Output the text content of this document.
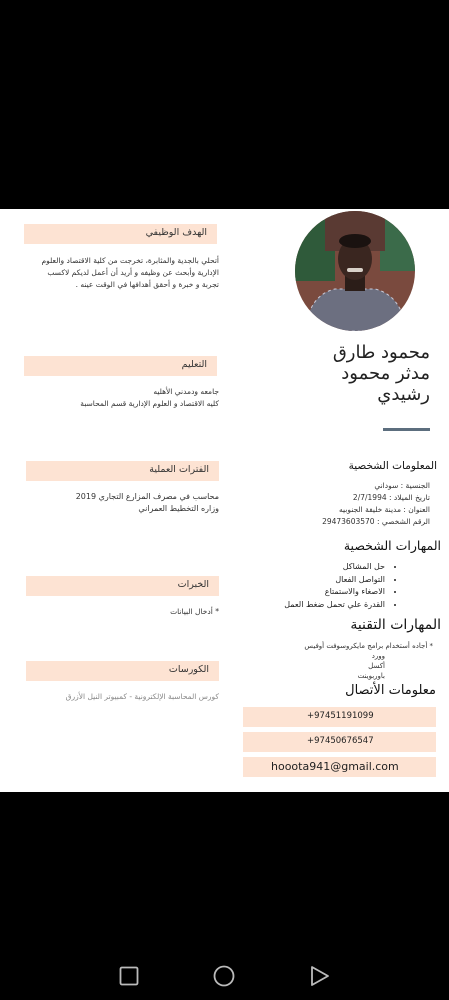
الهدف الوظيفي
أتحلي بالجدية والمثابرة، تخرجت من كلية الاقتصاد والعلوم
الإدارية وأبحث عن وظيفه و أريد أن أعمل لديكم لاكسب
تجربة و خبرة و أحقق أهدافها في الوقت عينه .
التعليم
جامعه ودمدني الأهليه
كليه الاقتصاد و العلوم الإدارية قسم المحاسبة
الفترات العملية
محاسب في مصرف المزارع التجاري 2019
وزاره التخطيط العمراني
الخبرات
* أدخال البيانات
الكورسات
كورس المحاسبة الإلكترونية - كمبيوتر النيل الأزرق
محمود طارق
مدثر محمود
رشيدي
المعلومات الشخصية
الجنسية : سوداني
تاريخ الميلاد : 2/7/1994
العنوان : مدينة خليفة الجنوبيه
الرقم الشخصي : 29473603570
المهارات الشخصية
• حل المشاكل
• التواصل الفعال
• الاصغاء والاستمتاع
• القدرة علي تحمل ضغط العمل
المهارات التقنية
* أجاده أستخدام برامج مايكروسوفت أوفيس
وورد
أكسل
باوربوينت
معلومات الأتصال
+97451191099
+97450676547
hooota941@gmail.com
